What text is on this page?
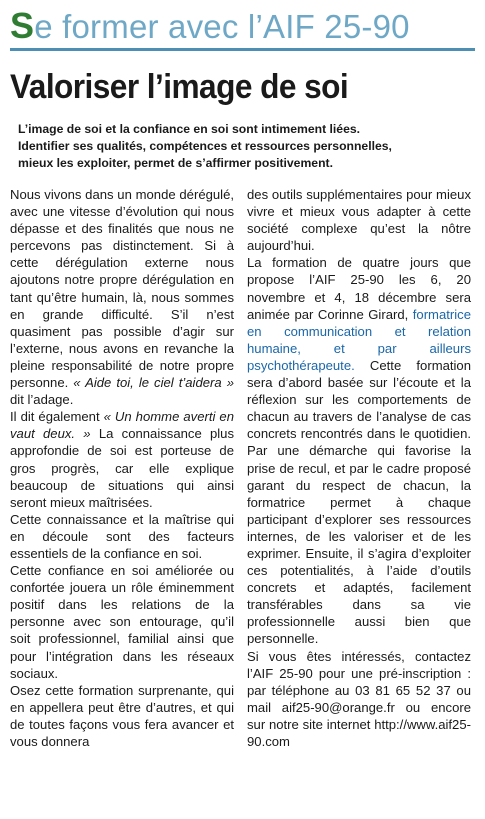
S e former avec l’AIF 25-90
Valoriser l’image de soi
L’image de soi et la confiance en soi sont intimement liées.
Identifier ses qualités, compétences et ressources personnelles,
mieux les exploiter, permet de s’affirmer positivement.

Nous vivons dans un monde dérégulé, avec une vitesse d’évolution qui nous dépasse et des finalités que nous ne percevons pas distinctement. Si à cette dérégulation externe nous ajoutons notre propre dérégulation en tant qu’être humain, là, nous sommes en grande difficulté. S’il n’est quasiment pas possible d’agir sur l’externe, nous avons en revanche la pleine responsabilité de notre propre personne. « Aide toi, le ciel t’aidera » dit l’adage.

Il dit également « Un homme averti en vaut deux. » La connaissance plus approfondie de soi est porteuse de gros progrès, car elle explique beaucoup de situations qui ainsi seront mieux maîtrisées.

Cette connaissance et la maîtrise qui en découle sont des facteurs essentiels de la confiance en soi.

Cette confiance en soi améliorée ou confortée jouera un rôle éminemment positif dans les relations de la personne avec son entourage, qu’il soit professionnel, familial ainsi que pour l’intégration dans les réseaux sociaux.

Osez cette formation surprenante, qui en appellera peut être d’autres, et qui de toutes façons vous fera avancer et vous donnera

des outils supplémentaires pour mieux vivre et mieux vous adapter à cette société complexe qu’est la nôtre aujourd’hui.

La formation de quatre jours que propose l’AIF 25-90 les 6, 20 novembre et 4, 18 décembre sera animée par Corinne Girard, formatrice en communication et relation humaine, et par ailleurs psychothérapeute. Cette formation sera d’abord basée sur l’écoute et la réflexion sur les comportements de chacun au travers de l’analyse de cas concrets rencontrés dans le quotidien. Par une démarche qui favorise la prise de recul, et par le cadre proposé garant du respect de chacun, la formatrice permet à chaque participant d’explorer ses ressources internes, de les valoriser et de les exprimer. Ensuite, il s’agira d’exploiter ces potentialités, à l’aide d’outils concrets et adaptés, facilement transférables dans sa vie professionnelle aussi bien que personnelle.

Si vous êtes intéressés, contactez l’AIF 25-90 pour une pré-inscription : par téléphone au 03 81 65 52 37 ou mail aif25-90@orange.fr ou encore sur notre site internet http://www.aif25-90.com
